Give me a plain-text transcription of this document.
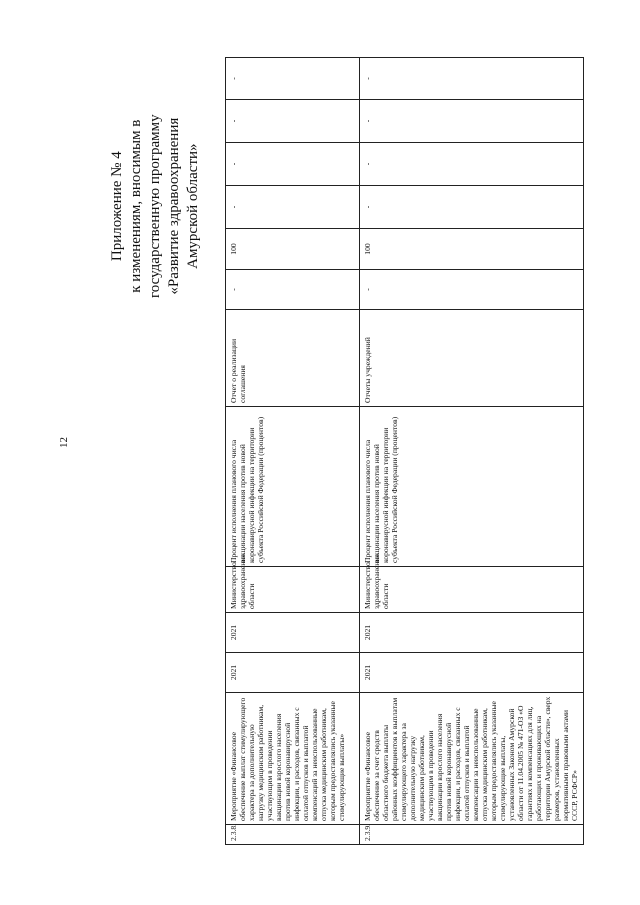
12
Приложение № 4 к изменениям, вносимым в государственную программу «Развитие здравоохранения Амурской области»
2.3.8.	Мероприятие «Финансовое обеспечение выплат стимулирующего характера за дополнительную нагрузку медицинским работникам, участвующим в проведении вакцинации взрослого населения против новой коронавирусной инфекции, и расходов, связанных с оплатой отпусков и выплатой компенсаций за неиспользованные отпуска медицинским работникам, которым предоставлялись указанные стимулирующие выплаты»	2021	2021	Министерство здравоохранения области	Процент исполнения планового числа вакцинации населения против новой коронавирусной инфекции на территории субъекта Российской Федерации (процентов)	Отчет о реализации соглашения	-	100	-	-	-	-
2.3.9.	Мероприятие «Финансовое обеспечение за счет средств областного бюджета выплаты районных коэффициентов к выплатам стимулирующего характера за дополнительную нагрузку медицинским работникам, участвующим в проведении вакцинации взрослого населения против новой коронавирусной инфекции, и расходов, связанных с оплатой отпусков и выплатой компенсации за неиспользованные отпуска медицинским работникам, которым предоставлялись указанные стимулирующие выплаты, установленных Законом Амурской области от 11.04.2005 № 471-ОЗ «О гарантиях и компенсациях для лиц, работающих и проживающих на территории Амурской области», сверх размеров, установленных нормативными правовыми актами СССР, РСФСР»	2021	2021	Министерство здравоохранения области	Процент исполнения планового числа вакцинации населения против новой коронавирусной инфекции на территории субъекта Российской Федерации (процентов)	Отчеты учреждений	-	100	-	-	-	-
